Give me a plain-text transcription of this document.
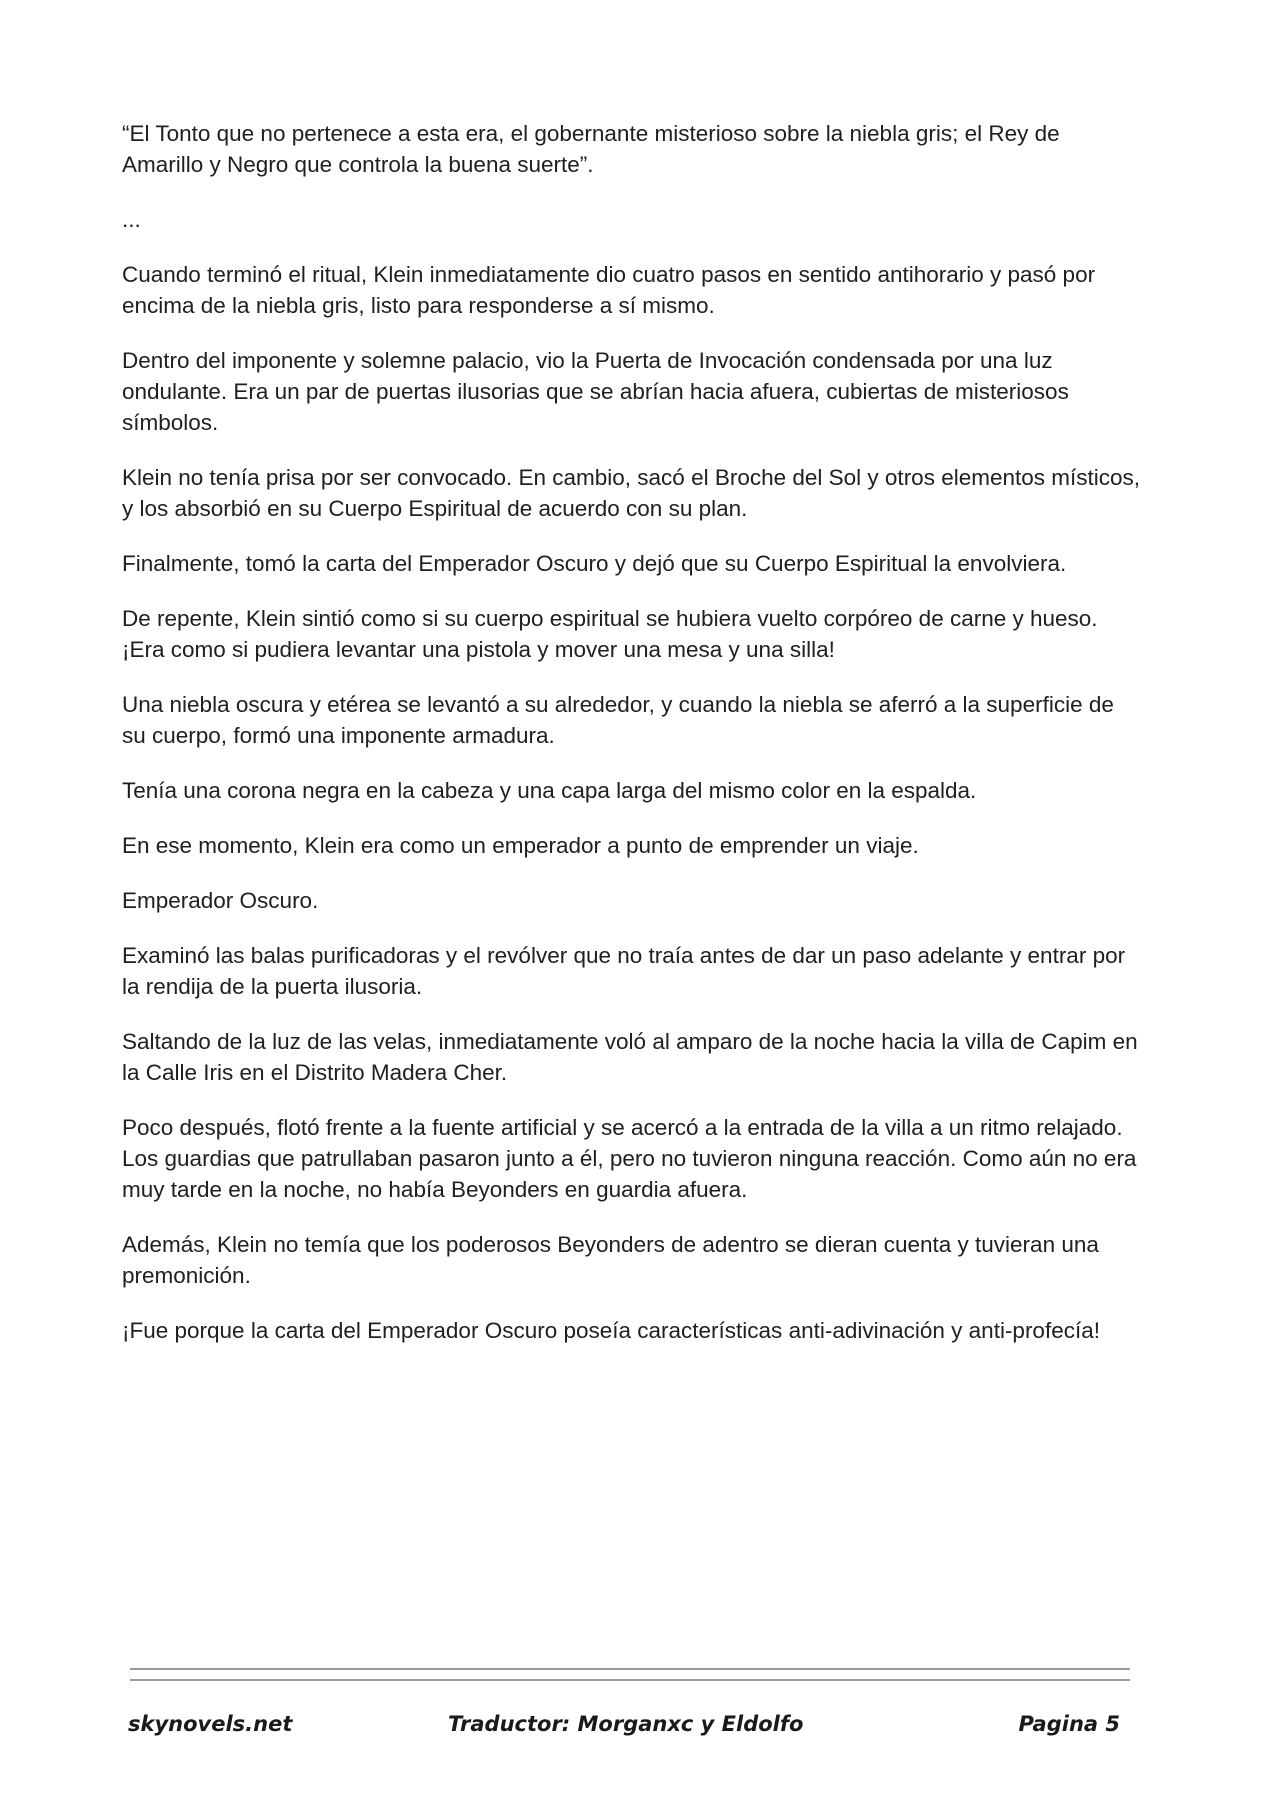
“El Tonto que no pertenece a esta era, el gobernante misterioso sobre la niebla gris; el Rey de Amarillo y Negro que controla la buena suerte”.

...

Cuando terminó el ritual, Klein inmediatamente dio cuatro pasos en sentido antihorario y pasó por encima de la niebla gris, listo para responderse a sí mismo.

Dentro del imponente y solemne palacio, vio la Puerta de Invocación condensada por una luz ondulante. Era un par de puertas ilusorias que se abrían hacia afuera, cubiertas de misteriosos símbolos.

Klein no tenía prisa por ser convocado. En cambio, sacó el Broche del Sol y otros elementos místicos, y los absorbió en su Cuerpo Espiritual de acuerdo con su plan.

Finalmente, tomó la carta del Emperador Oscuro y dejó que su Cuerpo Espiritual la envolviera.

De repente, Klein sintió como si su cuerpo espiritual se hubiera vuelto corpóreo de carne y hueso. ¡Era como si pudiera levantar una pistola y mover una mesa y una silla!

Una niebla oscura y etérea se levantó a su alrededor, y cuando la niebla se aferró a la superficie de su cuerpo, formó una imponente armadura.

Tenía una corona negra en la cabeza y una capa larga del mismo color en la espalda.

En ese momento, Klein era como un emperador a punto de emprender un viaje.

Emperador Oscuro.

Examinó las balas purificadoras y el revólver que no traía antes de dar un paso adelante y entrar por la rendija de la puerta ilusoria.

Saltando de la luz de las velas, inmediatamente voló al amparo de la noche hacia la villa de Capim en la Calle Iris en el Distrito Madera Cher.

Poco después, flotó frente a la fuente artificial y se acercó a la entrada de la villa a un ritmo relajado. Los guardias que patrullaban pasaron junto a él, pero no tuvieron ninguna reacción. Como aún no era muy tarde en la noche, no había Beyonders en guardia afuera.

Además, Klein no temía que los poderosos Beyonders de adentro se dieran cuenta y tuvieran una premonición.

¡Fue porque la carta del Emperador Oscuro poseía características anti-adivinación y anti-profecía!

skynovels.net	Traductor: Morganxc y Eldolfo	Pagina 5
